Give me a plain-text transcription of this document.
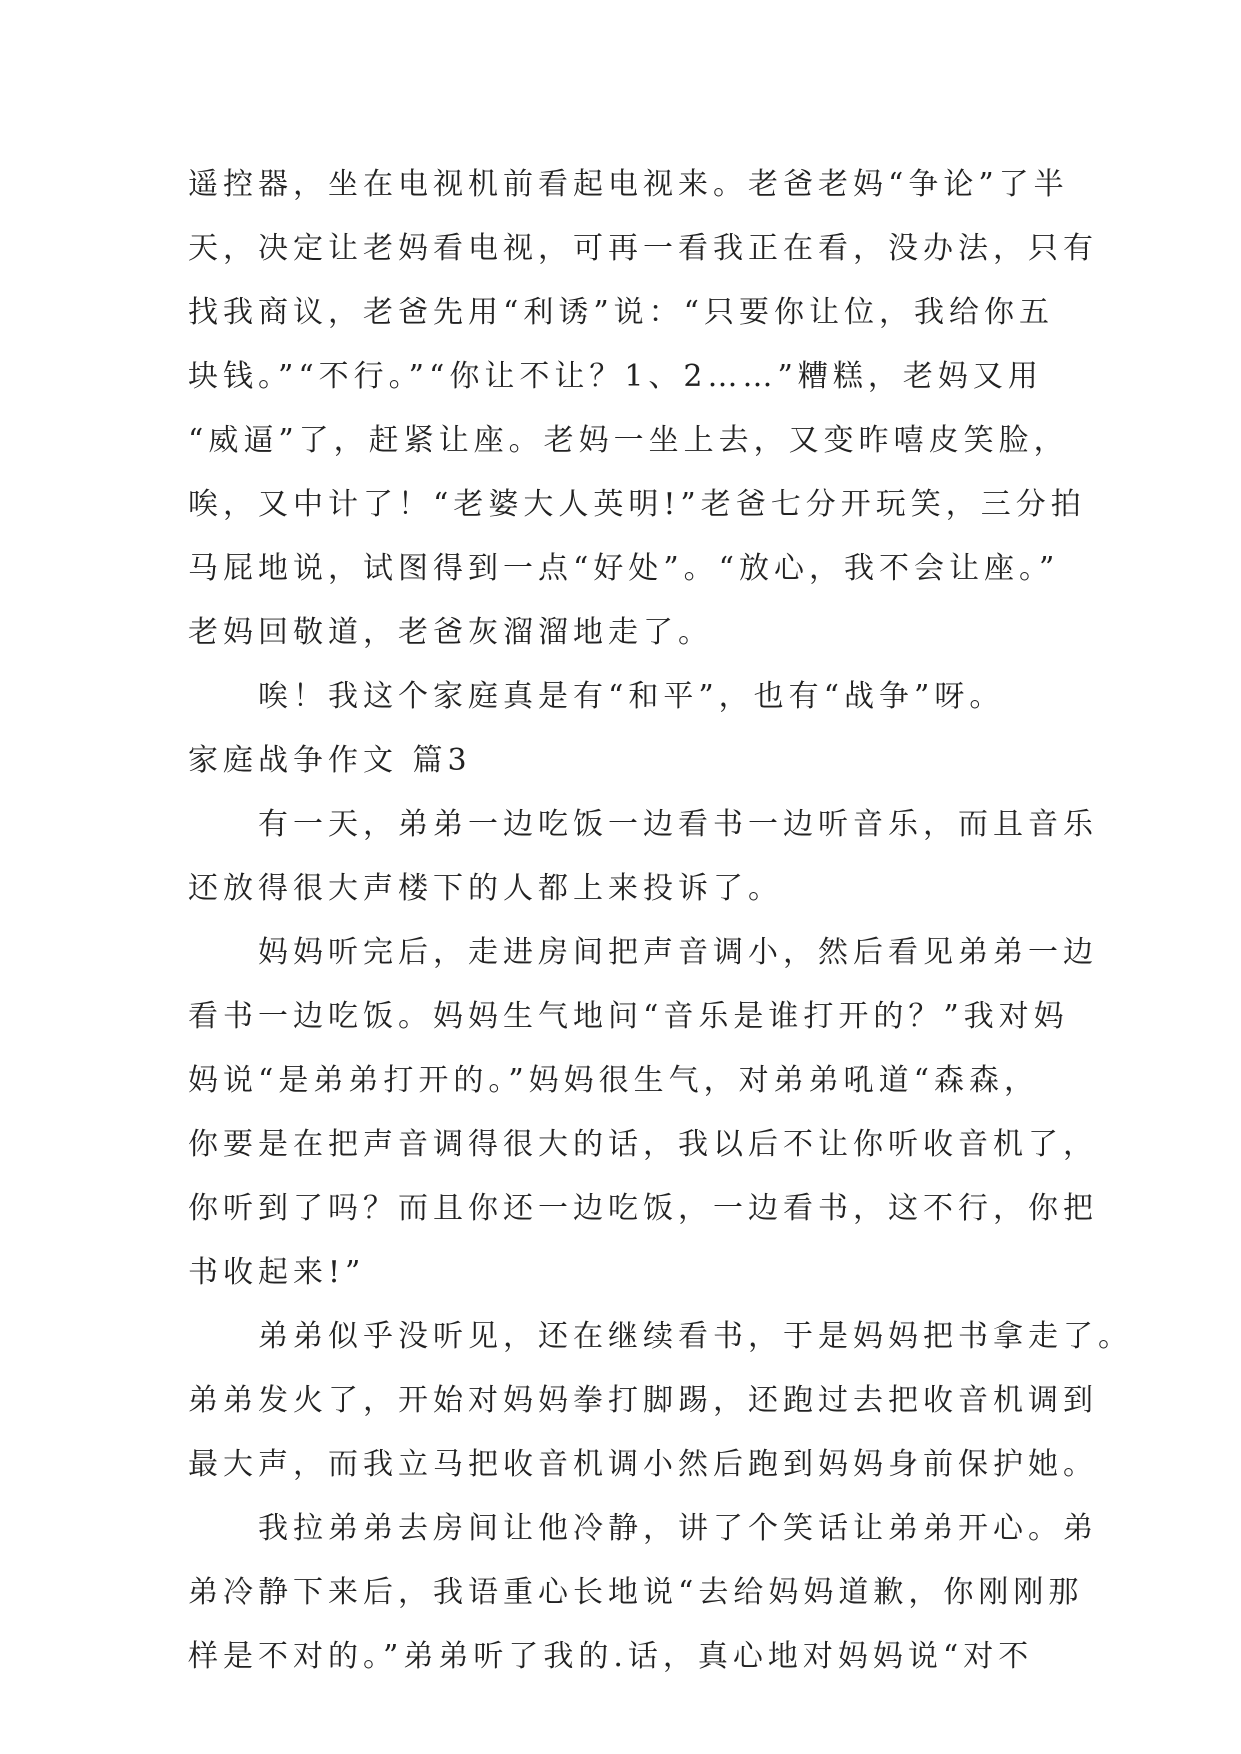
遥控器，坐在电视机前看起电视来。老爸老妈“争论”了半
天，决定让老妈看电视，可再一看我正在看，没办法，只有
找我商议，老爸先用“利诱”说：“只要你让位，我给你五
块钱。”“不行。”“你让不让？1、2……”糟糕，老妈又用
“威逼”了，赶紧让座。老妈一坐上去，又变昨嘻皮笑脸，
唉，又中计了！“老婆大人英明!”老爸七分开玩笑，三分拍
马屁地说，试图得到一点“好处”。“放心，我不会让座。”
老妈回敬道，老爸灰溜溜地走了。
唉！我这个家庭真是有“和平”，也有“战争”呀。
家庭战争作文 篇3
有一天，弟弟一边吃饭一边看书一边听音乐，而且音乐
还放得很大声楼下的人都上来投诉了。
妈妈听完后，走进房间把声音调小，然后看见弟弟一边
看书一边吃饭。妈妈生气地问“音乐是谁打开的？”我对妈
妈说“是弟弟打开的。”妈妈很生气，对弟弟吼道“森森，
你要是在把声音调得很大的话，我以后不让你听收音机了，
你听到了吗？而且你还一边吃饭，一边看书，这不行，你把
书收起来!”
弟弟似乎没听见，还在继续看书，于是妈妈把书拿走了。
弟弟发火了，开始对妈妈拳打脚踢，还跑过去把收音机调到
最大声，而我立马把收音机调小然后跑到妈妈身前保护她。
我拉弟弟去房间让他冷静，讲了个笑话让弟弟开心。弟
弟冷静下来后，我语重心长地说“去给妈妈道歉，你刚刚那
样是不对的。”弟弟听了我的.话，真心地对妈妈说“对不
